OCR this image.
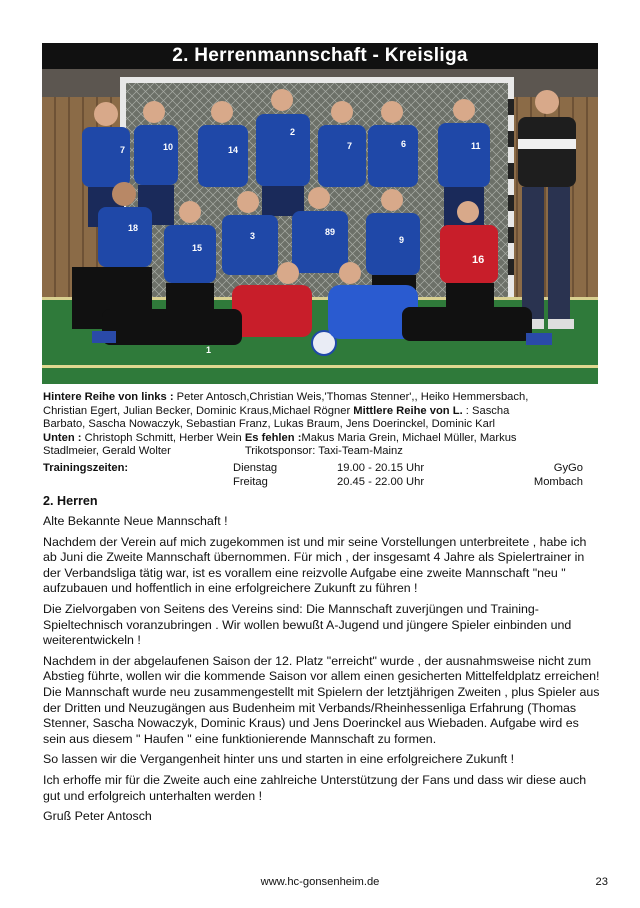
2. Herrenmannschaft - Kreisliga
7	10	14
2
7	6	11
18
15
3	89
9
16
1
Hintere Reihe von links : Peter Antosch,Christian Weis,'Thomas Stenner',, Heiko Hemmersbach,
Christian Egert, Julian Becker, Dominic Kraus,Michael Rögner Mittlere Reihe von L. : Sascha
Barbato, Sascha Nowaczyk, Sebastian Franz, Lukas Braum, Jens Doerinckel, Dominic Karl
Unten : Christoph Schmitt, Herber Wein Es fehlen :Makus Maria Grein, Michael Müller, Markus
Stadlmeier, Gerald Wolter	Trikotsponsor: Taxi-Team-Mainz
Trainingszeiten:	Dienstag	19.00 - 20.15 Uhr	GyGo
Freitag	20.45 - 22.00 Uhr	Mombach
2. Herren

Alte Bekannte Neue Mannschaft !

Nachdem der Verein auf mich zugekommen ist und mir seine Vorstellungen unterbreitete , habe ich ab Juni die Zweite Mannschaft übernommen. Für mich , der insgesamt 4 Jahre als Spielertrainer in der Verbandsliga tätig war, ist es vorallem eine reizvolle Aufgabe eine zweite Mannschaft "neu " aufzubauen und hoffentlich in eine erfolgreichere Zukunft zu führen !

Die Zielvorgaben von Seitens des Vereins sind: Die Mannschaft zuverjüngen und Training-Spieltechnisch voranzubringen . Wir wollen bewußt A-Jugend und jüngere Spieler einbinden und weiterentwickeln !

Nachdem in der abgelaufenen Saison der 12. Platz "erreicht" wurde , der ausnahmsweise nicht zum Abstieg führte, wollen wir die kommende Saison vor allem einen gesicherten Mittelfeldplatz erreichen! Die Mannschaft wurde neu zusammengestellt mit Spielern der letztjährigen Zweiten , plus Spieler aus der Dritten und Neuzugängen aus Budenheim mit Verbands/Rheinhessenliga Erfahrung (Thomas Stenner, Sascha Nowaczyk, Dominic Kraus) und Jens Doerinckel aus Wiebaden. Aufgabe wird es sein aus diesem " Haufen " eine funktionierende Mannschaft zu formen.

So lassen wir die Vergangenheit hinter uns und starten in eine erfolgreichere Zukunft !

Ich erhoffe mir für die Zweite auch eine zahlreiche Unterstützung der Fans und dass wir diese auch gut und erfolgreich unterhalten werden !

Gruß Peter Antosch

www.hc-gonsenheim.de	23
